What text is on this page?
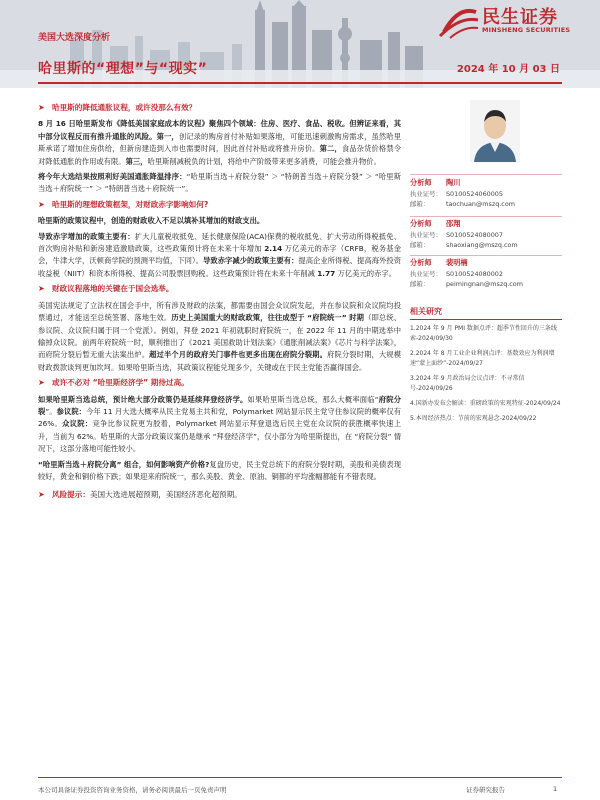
民生证券
MINSHENG SECURITIES
美国大选深度分析
哈里斯的“理想”与“现实”	2024 年 10 月 03 日
➤ 哈里斯的降低通胀议程，或许没那么有效？
8 月 16 日哈里斯发布《降低美国家庭成本的议程》聚焦四个领域：住房、医疗、食品、税收。但辨证来看，其中部分议程反而有推升通胀的风险。第一，创记录的购房首付补贴如果落地，可能迅速刺激购房需求，虽然哈里斯承诺了增加住房供给，但新房建造到入市也需要时间，因此首付补贴或将推升房价。第二，食品杂货价格禁令对降低通胀的作用或有限。第三，哈里斯削减税负的计划，将给中产阶级带来更多消费，可能会推升物价。
将今年大选结果按照利好美国通胀降温排序：“哈里斯当选＋府院分裂” ＞ “特朗普当选＋府院分裂” ＞ “哈里斯当选＋府院统一” ＞ “特朗普当选＋府院统一”。
➤ 哈里斯的理想政策框架，对财政赤字影响如何?
哈里斯的政策议程中，创造的财政收入不足以填补其增加的财政支出。
导致赤字增加的政策主要有：扩大儿童税收抵免、延长健康保险(ACA)保费的税收抵免、扩大劳动所得税抵免、首次购房补贴和新房建造激励政策，这些政策预计将在未来十年增加 2.14 万亿美元的赤字（CRFB，税务基金会，牛津大学，沃顿商学院的预测平均值，下同）。导致赤字减少的政策主要有：提高企业所得税、提高海外投资收益税（NIIT）和资本所得税、提高公司股票回购税。这些政策预计将在未来十年削减 1.77 万亿美元的赤字。
➤ 财政议程落地的关键在于国会选举。
美国宪法规定了立法权在国会手中，所有涉及财政的法案，都需要由国会众议院发起，并在参议院和众议院均投票通过，才能送至总统签署、落地生效。历史上美国重大的财政政策，往往成型于 “府院统一” 时期（即总统、参议院、众议院归属于同一个党派）。例如，拜登 2021 年初就职时府院统一，在 2022 年 11 月的中期选举中输掉众议院。前两年府院统一时，顺利推出了《2021 美国救助计划法案》《通胀削减法案》《芯片与科学法案》，而府院分裂后暂无重大法案出炉。超过半个月的政府关门事件也更多出现在府院分裂期。府院分裂时期，大规模财政拨款谈判更加坎坷。如果哈里斯当选，其政策议程能兑现多少，关键或在于民主党能否赢得国会。
➤ 或许不必对 “哈里斯经济学” 期待过高。
如果哈里斯当选总统，预计绝大部分政策仍是延续拜登经济学。如果哈里斯当选总统，那么大概率面临“府院分裂”。参议院：今年 11 月大选大概率从民主党易主共和党，Polymarket 网站显示民主党守住参议院的概率仅有 26%。众议院：竞争比参议院更为胶着，Polymarket 网站显示拜登退选后民主党在众议院的获胜概率快速上升，当前为 62%。哈里斯的大部分政策议案仍是继承 “拜登经济学”，仅小部分为哈里斯提出，在 “府院分裂” 情况下，这部分落地可能性较小。
“哈里斯当选＋府院分离” 组合，如何影响资产价格?复盘历史，民主党总统下的府院分裂时期，美股和美债表现较好，黄金和铜价格下跌；如果迎来府院统一，那么美股、黄金、原油、铜都的平均涨幅都能有不错表现。
➤ 风险提示： 美国大选进展超预期，美国经济恶化超预期。
分析师 陶川
执业证号： S0100524060005
邮箱：	taochuan@mszq.com
分析师 邵翔
执业证号： S0100524080007
邮箱：	shaoxiang@mszq.com
分析师 裴明楠
执业证号： S0100524080002
邮箱：	peimingnan@mszq.com
相关研究
1.2024 年 9 月 PMI 数据点评：超季节性回升的三条线索-2024/09/30
2.2024 年 8 月工业企业利润点评：基数效应为利润增速“蒙上面纱”-2024/09/27
3.2024 年 9 月政治局会议点评：不寻常信号-2024/09/26
4.国新办发布会解读：重磅政策的宏观特征-2024/09/24
5.本周经济热点：节前的宏观悬念-2024/09/22
本公司具备证券投资咨询业务资格，请务必阅读最后一页免责声明	证券研究报告	1
